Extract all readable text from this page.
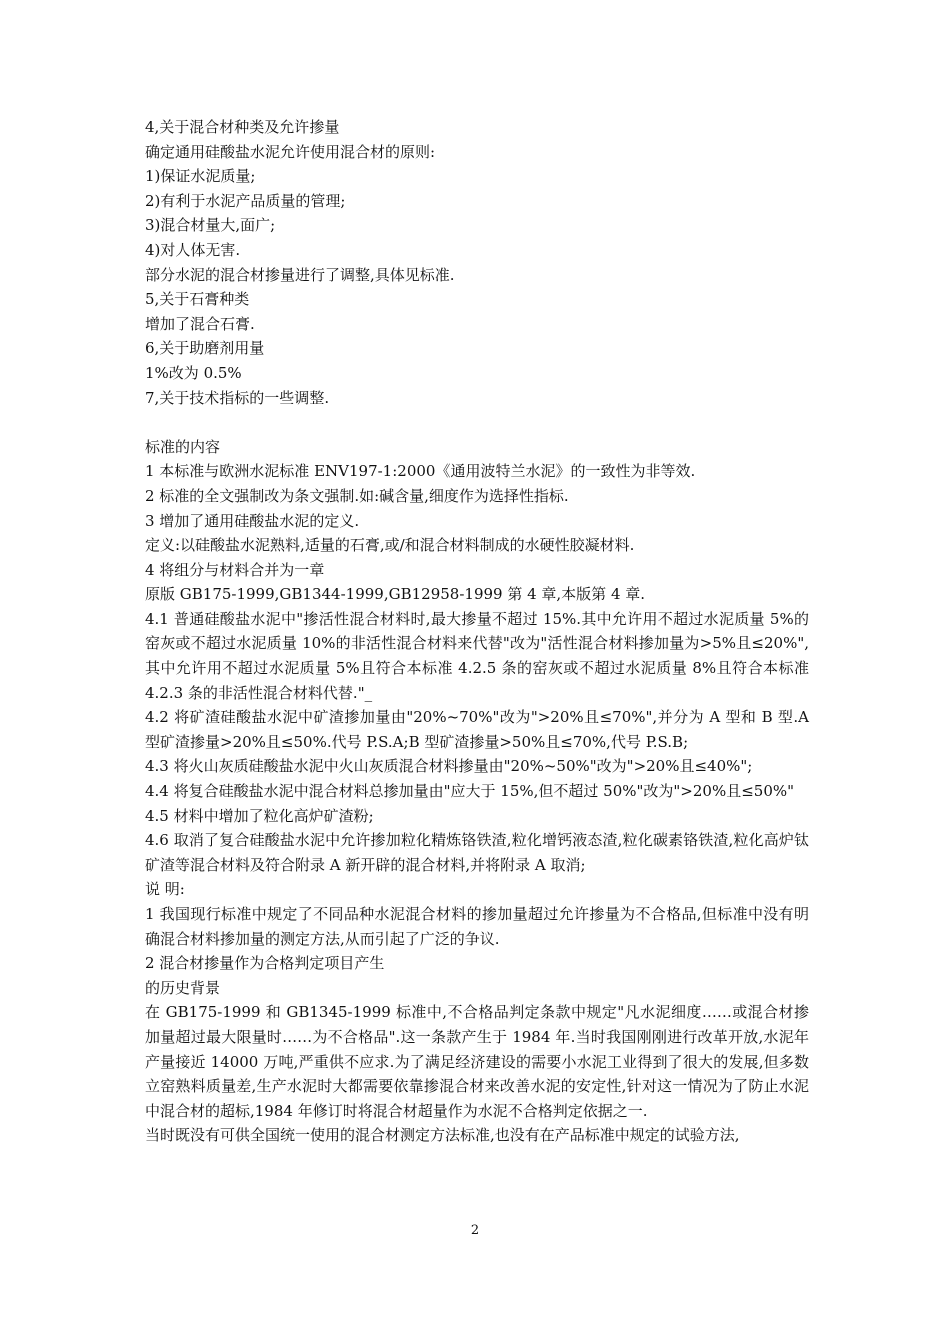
4,关于混合材种类及允许掺量
确定通用硅酸盐水泥允许使用混合材的原则:
1)保证水泥质量;
2)有利于水泥产品质量的管理;
3)混合材量大,面广;
4)对人体无害.
部分水泥的混合材掺量进行了调整,具体见标准.
5,关于石膏种类
增加了混合石膏.
6,关于助磨剂用量
1%改为 0.5%
7,关于技术指标的一些调整.
标准的内容
1 本标准与欧洲水泥标准 ENV197-1:2000《通用波特兰水泥》的一致性为非等效.
2 标准的全文强制改为条文强制.如:碱含量,细度作为选择性指标.
3 增加了通用硅酸盐水泥的定义.
定义:以硅酸盐水泥熟料,适量的石膏,或/和混合材料制成的水硬性胶凝材料.
4 将组分与材料合并为一章
原版 GB175-1999,GB1344-1999,GB12958-1999 第 4 章,本版第 4 章.
4.1 普通硅酸盐水泥中"掺活性混合材料时,最大掺量不超过 15%.其中允许用不超过水泥质量 5%的窑灰或不超过水泥质量 10%的非活性混合材料来代替"改为"活性混合材料掺加量为>5%且≤20%",其中允许用不超过水泥质量 5%且符合本标准 4.2.5 条的窑灰或不超过水泥质量 8%且符合本标准 4.2.3 条的非活性混合材料代替."_
4.2 将矿渣硅酸盐水泥中矿渣掺加量由"20%~70%"改为">20%且≤70%",并分为 A 型和 B 型.A 型矿渣掺量>20%且≤50%.代号 P.S.A;B 型矿渣掺量>50%且≤70%,代号 P.S.B;
4.3 将火山灰质硅酸盐水泥中火山灰质混合材料掺量由"20%~50%"改为">20%且≤40%";
4.4 将复合硅酸盐水泥中混合材料总掺加量由"应大于 15%,但不超过 50%"改为">20%且≤50%"
4.5 材料中增加了粒化高炉矿渣粉;
4.6 取消了复合硅酸盐水泥中允许掺加粒化精炼铬铁渣,粒化增钙液态渣,粒化碳素铬铁渣,粒化高炉钛矿渣等混合材料及符合附录 A 新开辟的混合材料,并将附录 A 取消;
说 明:
1 我国现行标准中规定了不同品种水泥混合材料的掺加量超过允许掺量为不合格品,但标准中没有明确混合材料掺加量的测定方法,从而引起了广泛的争议.
2 混合材掺量作为合格判定项目产生
的历史背景
在 GB175-1999 和 GB1345-1999 标准中,不合格品判定条款中规定"凡水泥细度……或混合材掺加量超过最大限量时……为不合格品".这一条款产生于 1984 年.当时我国刚刚进行改革开放,水泥年产量接近 14000 万吨,严重供不应求.为了满足经济建设的需要小水泥工业得到了很大的发展,但多数立窑熟料质量差,生产水泥时大都需要依靠掺混合材来改善水泥的安定性,针对这一情况为了防止水泥中混合材的超标,1984 年修订时将混合材超量作为水泥不合格判定依据之一.
当时既没有可供全国统一使用的混合材测定方法标准,也没有在产品标准中规定的试验方法,
2
